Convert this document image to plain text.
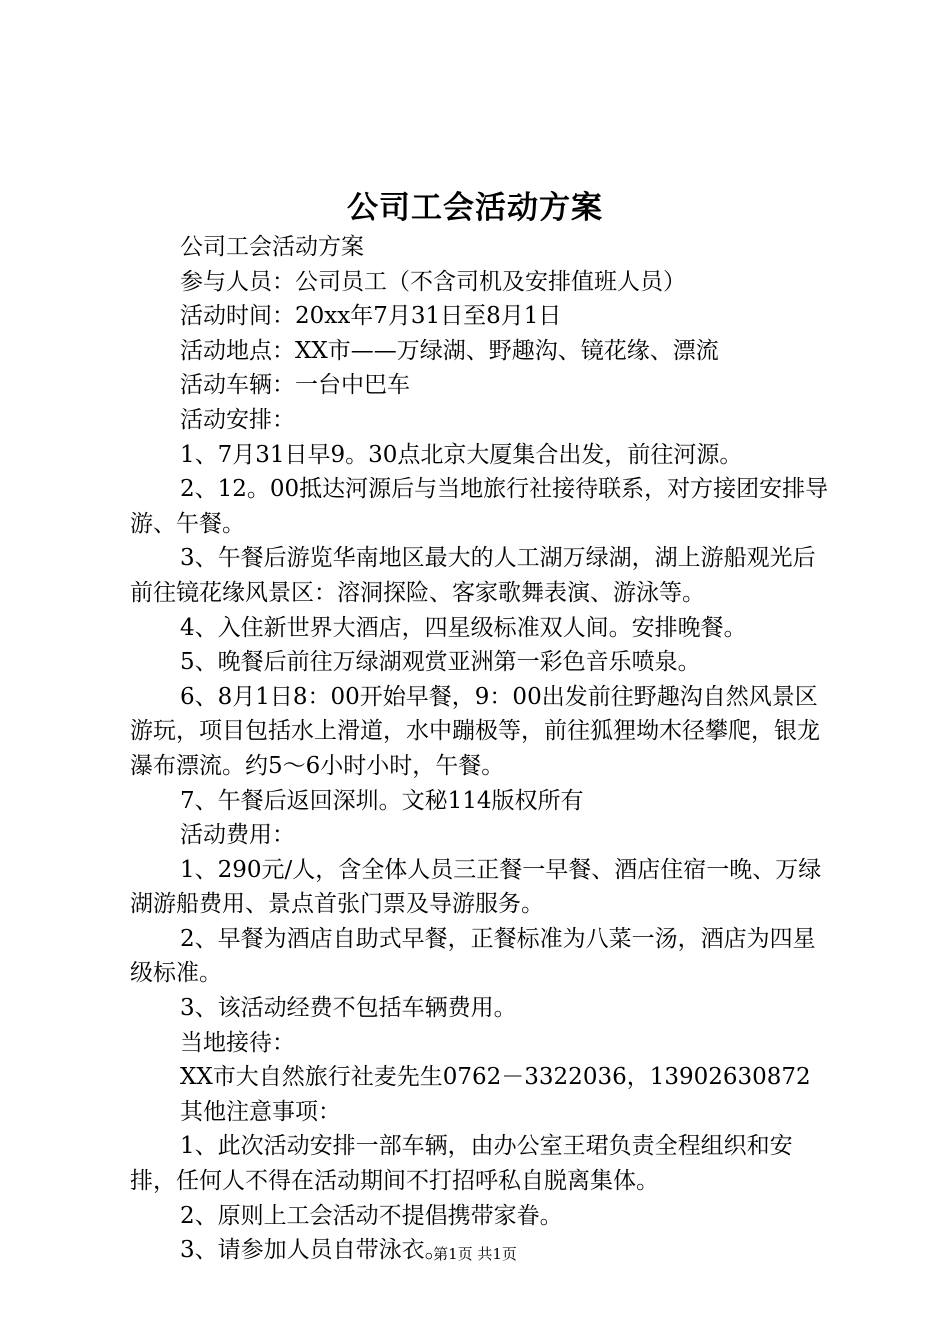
公司工会活动方案

公司工会活动方案

参与人员：公司员工（不含司机及安排值班人员）

活动时间：20xx年7月31日至8月1日

活动地点：XX市——万绿湖、野趣沟、镜花缘、漂流

活动车辆：一台中巴车

活动安排：

1、7月31日早9。30点北京大厦集合出发，前往河源。

2、12。00抵达河源后与当地旅行社接待联系，对方接团安排导游、午餐。

3、午餐后游览华南地区最大的人工湖万绿湖，湖上游船观光后前往镜花缘风景区：溶洞探险、客家歌舞表演、游泳等。

4、入住新世界大酒店，四星级标准双人间。安排晚餐。

5、晚餐后前往万绿湖观赏亚洲第一彩色音乐喷泉。

6、8月1日8：00开始早餐，9：00出发前往野趣沟自然风景区游玩，项目包括水上滑道，水中蹦极等，前往狐狸坳木径攀爬，银龙瀑布漂流。约5～6小时小时，午餐。

7、午餐后返回深圳。文秘114版权所有

活动费用：

1、290元/人，含全体人员三正餐一早餐、酒店住宿一晚、万绿湖游船费用、景点首张门票及导游服务。

2、早餐为酒店自助式早餐，正餐标准为八菜一汤，酒店为四星级标准。

3、该活动经费不包括车辆费用。

当地接待：

XX市大自然旅行社麦先生0762－3322036，13902630872

其他注意事项：

1、此次活动安排一部车辆，由办公室王珺负责全程组织和安排，任何人不得在活动期间不打招呼私自脱离集体。

2、原则上工会活动不提倡携带家眷。

3、请参加人员自带泳衣。

第1页 共1页
